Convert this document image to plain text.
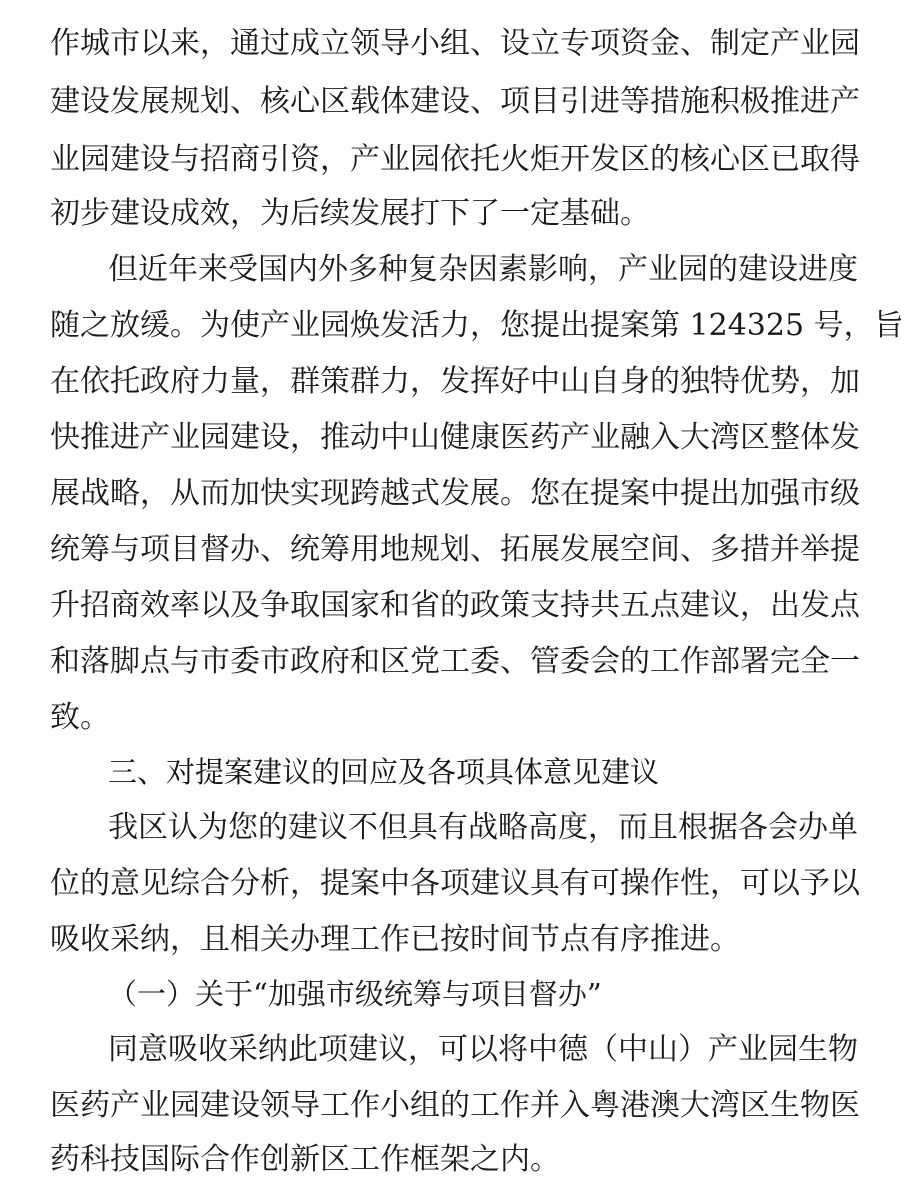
作城市以来，通过成立领导小组、设立专项资金、制定产业园
建设发展规划、核心区载体建设、项目引进等措施积极推进产
业园建设与招商引资，产业园依托火炬开发区的核心区已取得
初步建设成效，为后续发展打下了一定基础。
但近年来受国内外多种复杂因素影响，产业园的建设进度
随之放缓。为使产业园焕发活力，您提出提案第 124325 号，旨
在依托政府力量，群策群力，发挥好中山自身的独特优势，加
快推进产业园建设，推动中山健康医药产业融入大湾区整体发
展战略，从而加快实现跨越式发展。您在提案中提出加强市级
统筹与项目督办、统筹用地规划、拓展发展空间、多措并举提
升招商效率以及争取国家和省的政策支持共五点建议，出发点
和落脚点与市委市政府和区党工委、管委会的工作部署完全一
致。
三、对提案建议的回应及各项具体意见建议
我区认为您的建议不但具有战略高度，而且根据各会办单
位的意见综合分析，提案中各项建议具有可操作性，可以予以
吸收采纳，且相关办理工作已按时间节点有序推进。
（一）关于“加强市级统筹与项目督办”
同意吸收采纳此项建议，可以将中德（中山）产业园生物
医药产业园建设领导工作小组的工作并入粤港澳大湾区生物医
药科技国际合作创新区工作框架之内。
